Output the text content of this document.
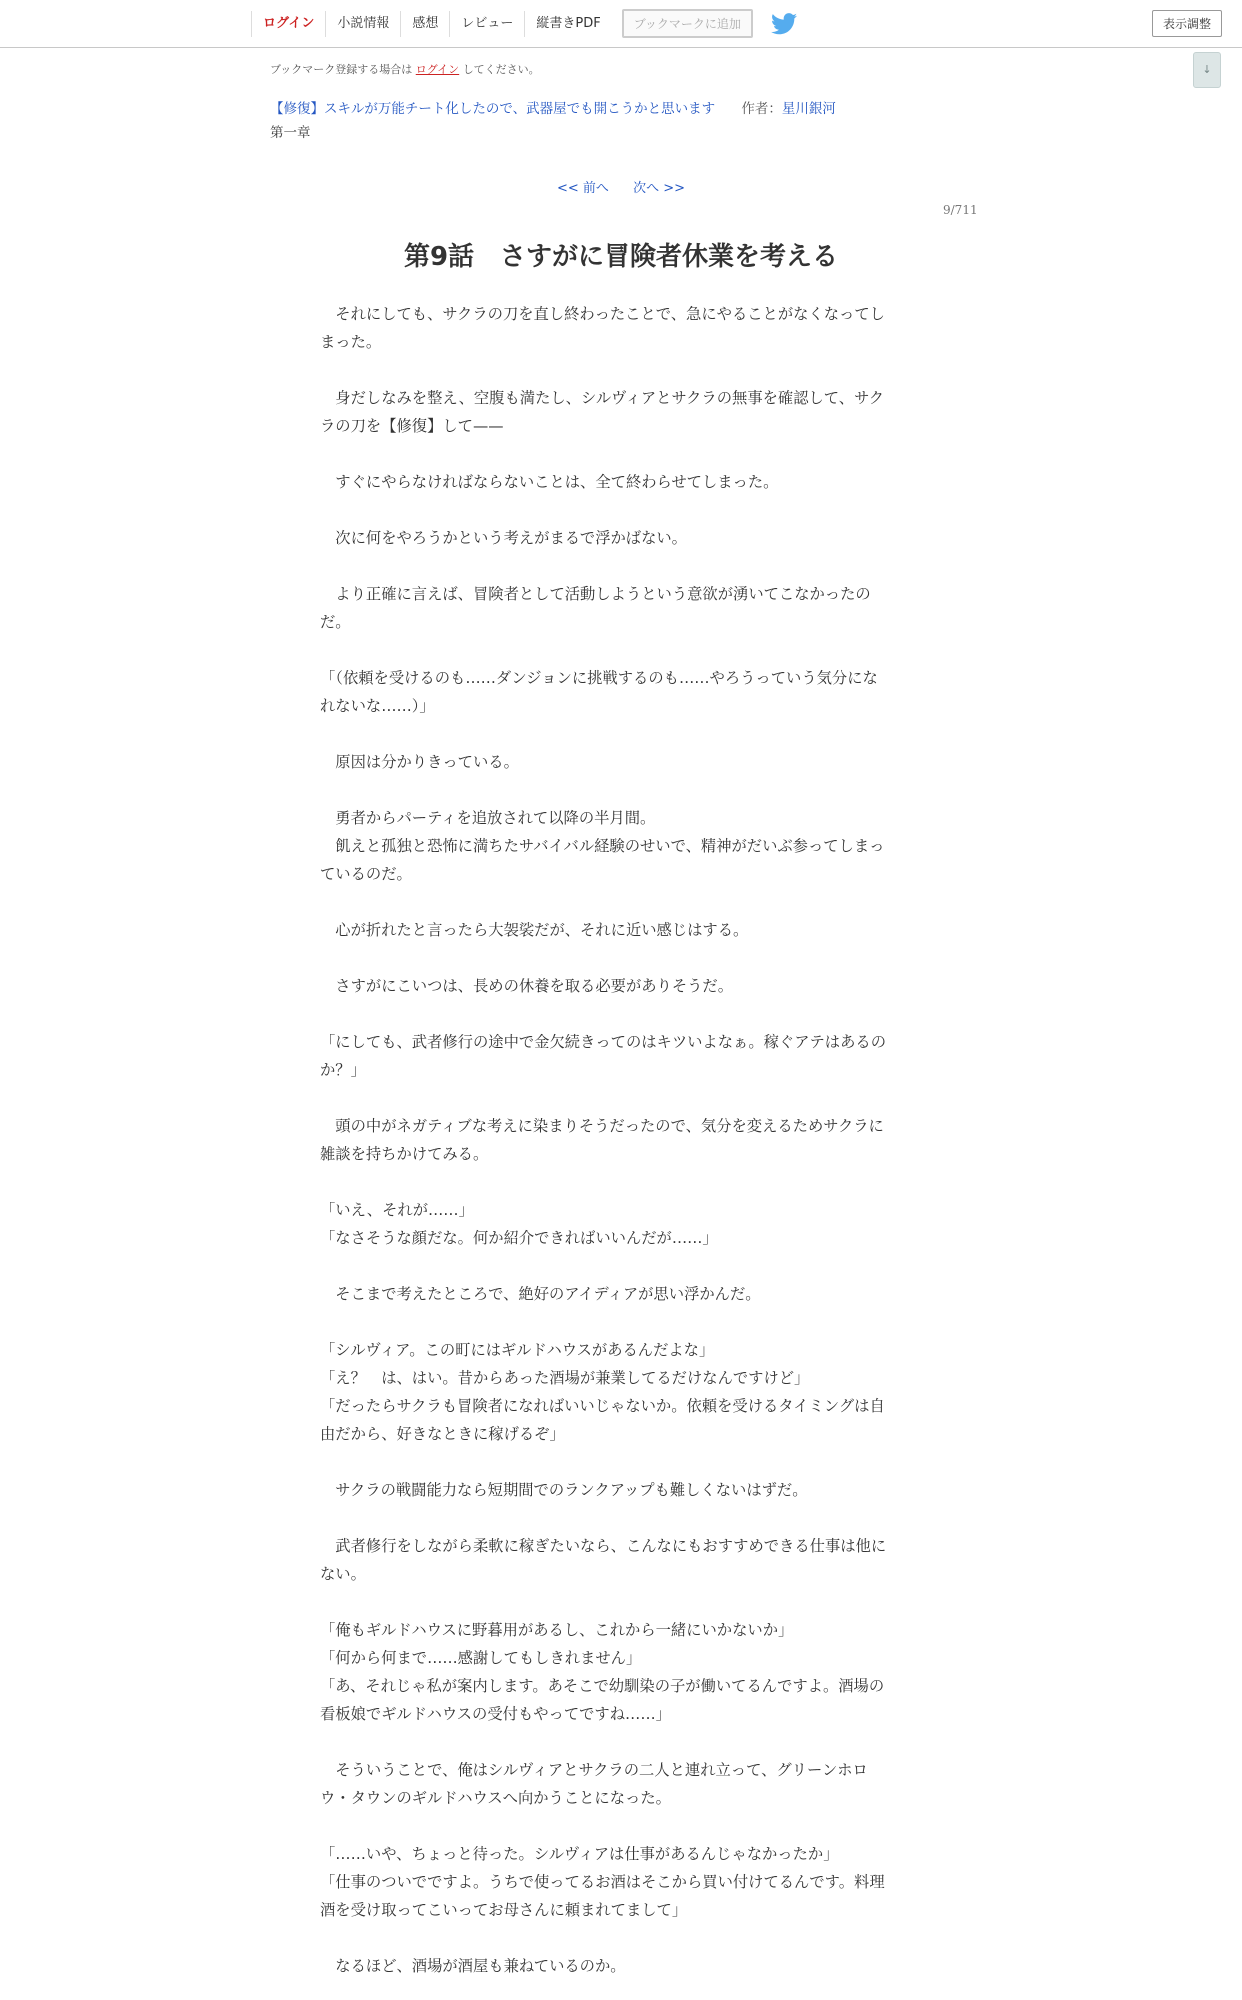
ログイン	小説情報	感想	レビュー	縦書きPDF	ブックマークに追加	表示調整
↓
ブックマーク登録する場合は ログイン してください。
【修復】スキルが万能チート化したので、武器屋でも開こうかと思います 作者：星川銀河
第一章
<< 前へ 次へ >>
9/711
第9話　さすがに冒険者休業を考える

　それにしても、サクラの刀を直し終わったことで、急にやることがなくなってし

まった。

　身だしなみを整え、空腹も満たし、シルヴィアとサクラの無事を確認して、サク

ラの刀を【修復】して——

　すぐにやらなければならないことは、全て終わらせてしまった。

　次に何をやろうかという考えがまるで浮かばない。

　より正確に言えば、冒険者として活動しようという意欲が湧いてこなかったの

だ。

「（依頼を受けるのも……ダンジョンに挑戦するのも……やろうっていう気分にな

れないな……）」

　原因は分かりきっている。

　勇者からパーティを追放されて以降の半月間。

　飢えと孤独と恐怖に満ちたサバイバル経験のせいで、精神がだいぶ参ってしまっ

ているのだ。

　心が折れたと言ったら大袈裟だが、それに近い感じはする。

　さすがにこいつは、長めの休養を取る必要がありそうだ。

「にしても、武者修行の途中で金欠続きってのはキツいよなぁ。稼ぐアテはあるの

か？」

　頭の中がネガティブな考えに染まりそうだったので、気分を変えるためサクラに

雑談を持ちかけてみる。

「いえ、それが……」

「なさそうな顔だな。何か紹介できればいいんだが……」

　そこまで考えたところで、絶好のアイディアが思い浮かんだ。

「シルヴィア。この町にはギルドハウスがあるんだよな」

「え？　は、はい。昔からあった酒場が兼業してるだけなんですけど」

「だったらサクラも冒険者になればいいじゃないか。依頼を受けるタイミングは自

由だから、好きなときに稼げるぞ」

　サクラの戦闘能力なら短期間でのランクアップも難しくないはずだ。

　武者修行をしながら柔軟に稼ぎたいなら、こんなにもおすすめできる仕事は他に

ない。

「俺もギルドハウスに野暮用があるし、これから一緒にいかないか」

「何から何まで……感謝してもしきれません」

「あ、それじゃ私が案内します。あそこで幼馴染の子が働いてるんですよ。酒場の

看板娘でギルドハウスの受付もやってですね……」

　そういうことで、俺はシルヴィアとサクラの二人と連れ立って、グリーンホロ

ウ・タウンのギルドハウスへ向かうことになった。

「……いや、ちょっと待った。シルヴィアは仕事があるんじゃなかったか」

「仕事のついでですよ。うちで使ってるお酒はそこから買い付けてるんです。料理

酒を受け取ってこいってお母さんに頼まれてまして」

　なるほど、酒場が酒屋も兼ねているのか。
